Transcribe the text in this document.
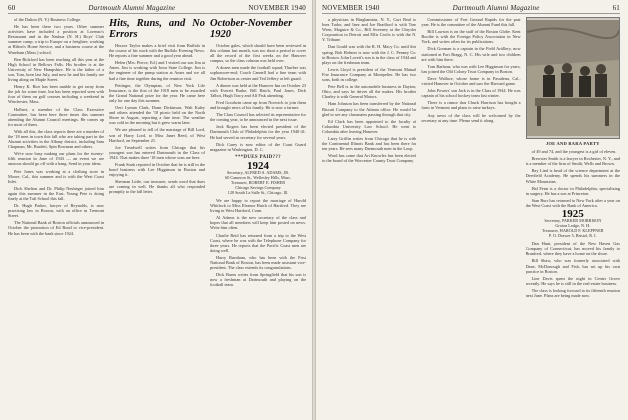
60	Dartmouth Alumni Magazine	NOVEMBER 1940

of the Dalton (N. Y.) Business College.

He has been there two years. Other summer activities have included a position at Lorenzo's Restaurant and in the Nashua (N. H.) Boys' Club summer camp; a trip to Europe on a freighter; working at Hilton's Home Service; and a business course at the Wareham (Mass.) school.

Ben Bickford has been teaching all this year at the High School in Bellows Falls. His brother is at the University of New Hampshire. He is the father of a son, Tom, born last July, and now he and his family are living along on Maple Street.

Henry K. Rice has been unable to get away from the job for some time, but has been reported seen with four of them on golf courses including a weekend in Winchester, Mass.

Holbert, a member of the Class Executive Committee, has been here three times this summer attending the Alumni Council meetings. He comes up for most of them.

With all this, the class reports there are a number of the '18 men in town this fall who are taking part in the Alumni activities in the Albany district, including Sam Chapman, Mr. Burdett, Spin Bowman and others.

We're now busy making our plans for the twenty-fifth reunion in June of 1943 — an event we are anxious should go off with a bang. Send in your ideas.

Pete Jones was working at a clothing store in Moore, Cal., this summer and is with the West Coast Inlet.

Dick Shelton and Dr. Philip Neubeger joined him again this summer in the East. Young Pete is doing finely at the Taft School this fall.

Dr. Hugh Parker, lawyer of Reynolds, is now practising law in Boston, with an office in Tremont Street.

The National Bank of Boston officials announced in October the promotion of Ed Bond to vice-president. He has been with the bank since 1924.

Hits, Runs, and No Errors

Horace Taylor makes a brief visit from Buffalo in the course of his work with the Buffalo Evening News. He reports a fine summer and a good year ahead.

Helen (Mrs. Pierce, Ed.) and I visited our son Jim at Ames. Jim is working with Iowa State College. Jim is the engineer of the pump station at Ames and we all had a fine time together during the reunion visit.

Pettinger, the Olympian, of New York Life Insurance, is the first of the 1918 men to be awarded the Grand National prize for the year. He came here only for one day this summer.

Oeri Lyman Clark, Donn Dickinson, Walt Kaley and others attended the '18 picnic held on the North Shore in August, reporting a fine time. The weather was cold in the morning but it grew warm later.

We are pleased to tell of the marriage of Bill Lord, son of Harry Lord, to Miss Janet Reed, of West Hartford, on September 21.

Joe Treadwell writes from Chicago that his youngest son has entered Dartmouth in the Class of 1944. That makes three '18 men whose sons are here.

Frank Stark reported in October that he is still in the bond business with Lee Higginson in Boston and enjoying it.

Sherman Little, our treasurer, sends word that dues are coming in well. He thanks all who responded promptly to the fall letter.

October-November 1920

October gales, which should have been reviewed in this column last month, was too short a period to cover all the record of the first weeks on the Hanover campus, so the class column was held over.

A dozen men made the football squad; Thurber was sophomore-end; Coach Cannell had a fine team with Jim Robertson as center and Ted Jeffery at left guard.

A dinner was held at the Hanover Inn on October 23 with Everett Burke, Bill Hatch, Paul Jones, Dick Talbot, Hugh Tracy and Alf Fisk attending.

Fred Goodwin came up from Norwich to join them and brought news of his family. He is now a farmer.

The Class Council has selected its representative for the coming year, to be announced in the next issue.

Jack Rogers has been elected president of the Dartmouth Club of Philadelphia for the year 1940-41. He had served as secretary for several years.

Dick Carey is now editor of the Coast Guard magazine in Washington, D. C.

***DUES PAID???
1924
Secretary, ALFRED A. ADAMS, JR.
60 Cameron St., Wellesley Hills, Mass.
Treasurer, ROBERT E. FISHER
Chicago Savings Company
120 South La Salle St., Chicago, Ill.

We are happy to report the marriage of Harold Whitlock to Miss Eleanor Hatch of Hartford. They are living in West Hartford, Conn.

Al Adams is the new secretary of the class and hopes that all members will keep him posted on news. Write him often.

Charlie Reid has returned from a trip to the West Coast, where he was with the Telephone Company for three years. He reports that the Pacific Coast men are doing well.

Harry Burnham, who has been with the First National Bank of Boston, has been made assistant vice-president. The class extends its congratulations.

Dick Burns writes from Springfield that his son is now a freshman at Dartmouth and playing on the football team.

NOVEMBER 1940	Dartmouth Alumni Magazine	61

a physician in Binghamton, N. Y., Curt Beal to Inez Tudor, and Inez and Joe Bradford is with Tom Wren, Maguire & Co., Bill Sweeney at the Chrysler Corporation in Detroit and Ellis Crofts is with the N. Y. Tribune.

Dan Gould was with the R. H. Macy Co. until this spring. Bob Holmes is now with the J. C. Penney Co. in Boston. John Lovett's son is in the class of 1944 and plays on the freshman team.

Lewis Lloyd is president of the Vermont Mutual Fire Insurance Company at Montpelier. He has two sons, both in college.

Pete Bell is in the automobile business in Dayton, Ohio, and says he drives all the makes. His brother Charley is with General Motors.

Ham Johnson has been transferred by the National Biscuit Company to the Atlanta office. He would be glad to see any classmates passing through that city.

Ed Clark has been appointed to the faculty of Columbia University Law School. He went to Columbia after leaving Hanover.

Larry Griffin writes from Chicago that he is with the Continental Illinois Bank and has been there for ten years. He sees many Dartmouth men in the Loop.

Word has come that Art Knowles has been elected to the board of the Worcester County Trust Company.

Commissioner of Fort Ground Rapids for the past year. He is the committee of the Alumni Fund this fall.

Bill Lawson is on the staff of the Boston Globe. Kent Boothe is with the Foreign Policy Association in New York, and writes often for its publications.

Dick Gorman is a captain in the Field Artillery, now stationed at Fort Bragg, N. C. His wife and two children are with him there.

Tom Barbour, who was with Lee Higginson for years, has joined the Old Colony Trust Company in Boston.

Dave Wallace, whose home is in Pasadena, Cal., visited Hanover in October and saw the Harvard game.

John Powers' son Jack is in the Class of 1944. He was captain of his school hockey team last winter.

There is a rumor that Chuck Harrison has bought a farm in Vermont and plans to raise turkeys.

Any news of the class will be welcomed by the secretary at any time. Please send it along.

JOE AND BARA PARTY

of 49 and 74, and the youngest is a girl of eleven.

Brewster Smith is a lawyer in Rochester, N. Y., and is a member of the firm of Smith, Wells and Brown.

Ray Lind is head of the science department at the Deerfield Academy. He spends his summers in the White Mountains.

Hal Fenn is a doctor in Philadelphia, specializing in surgery. He has a son at Princeton.

Stan Burr has returned to New York after a year on the West Coast with the Bank of America.

1925
Secretary, PARKER MORRISON
Groton Lodge, N. H.
Treasurer, HAROLD F. KLEPPNER
P. O. Drawer 5, Bristol, R. I.

Dan Hunt, president of the New Haven Gas Company of Connecticut, has moved his family to Branford, where they have a home on the shore.

Bill Shaw, who was formerly associated with Dane, McDonough and Fish, has set up his own practice in Boston.

Line Davis spent the night in Center Grove recently. He says he is still in the real estate business.

The class is looking forward to its fifteenth reunion next June. Plans are being made now.
